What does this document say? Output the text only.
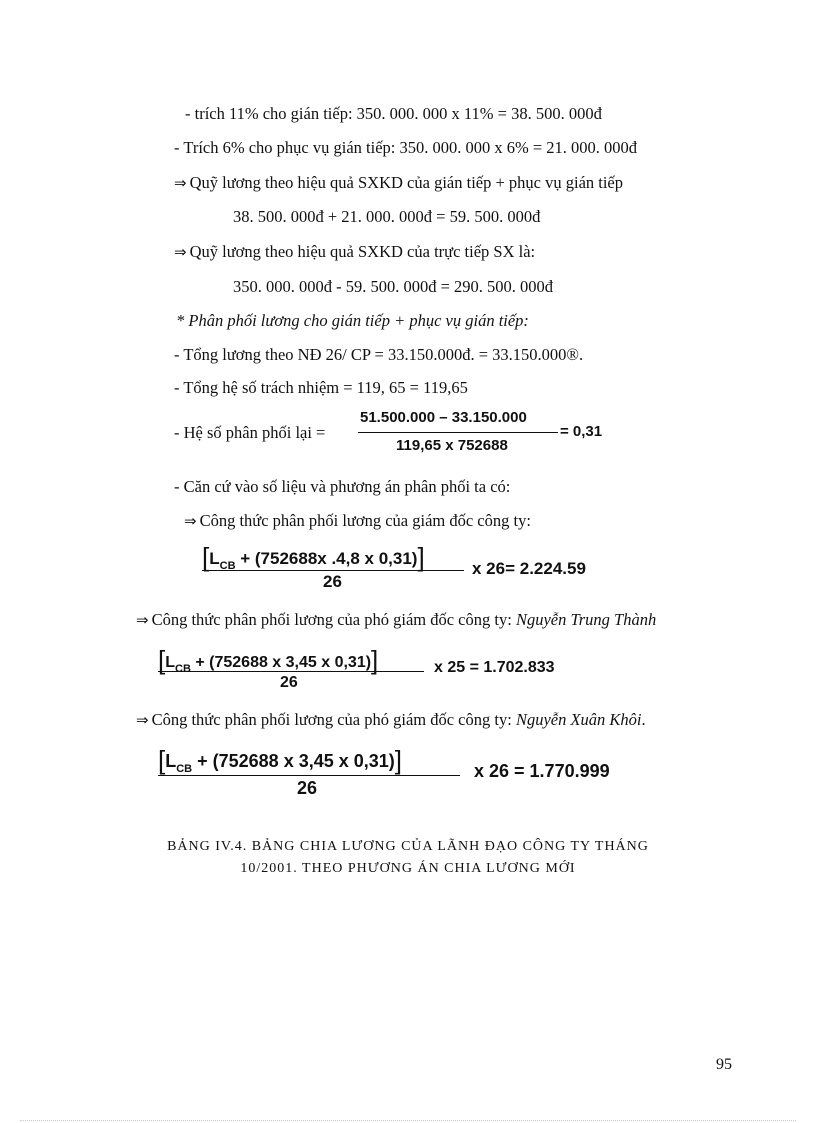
- trích 11% cho gián tiếp: 350. 000. 000 x 11% = 38. 500. 000đ
- Trích 6% cho phục vụ gián tiếp: 350. 000. 000 x 6% = 21. 000. 000đ
⇒ Quỹ lương theo hiệu quả SXKD của gián tiếp + phục vụ gián tiếp
38. 500. 000đ + 21. 000. 000đ = 59. 500. 000đ
⇒ Quỹ lương theo hiệu quả SXKD của trực tiếp SX là:
350. 000. 000đ - 59. 500. 000đ = 290. 500. 000đ
* Phân phối lương cho gián tiếp + phục vụ gián tiếp:
- Tổng lương theo NĐ 26/ CP = 33.150.000đ. = 33.150.000®.
- Tổng hệ số trách nhiệm = 119, 65 = 119,65
- Hệ số phân phối lại =
51.500.000 – 33.150.000
119,65 x 752688
= 0,31
- Căn cứ vào số liệu và phương án phân phối ta có:
⇒ Công thức phân phối lương của giám đốc công ty:
[$L_{CB} + (752688x$ .4,8 x 0,31)]
26
x 26= 2.224.59
⇒ Công thức phân phối lương của phó giám đốc công ty: Nguyễn Trung Thành
[$L_{CB} + (752688$ x 3,45 x 0,31)]
26
x 25 = 1.702.833
⇒ Công thức phân phối lương của phó giám đốc công ty: Nguyễn Xuân Khôi.
[$L_{CB} + (752688$ x 3,45 x 0,31)]
26
x 26 = 1.770.999
BẢNG IV.4. BẢNG CHIA LƯƠNG CỦA LÃNH ĐẠO CÔNG TY THÁNG
10/2001. THEO PHƯƠNG ÁN CHIA LƯƠNG MỚI
95
